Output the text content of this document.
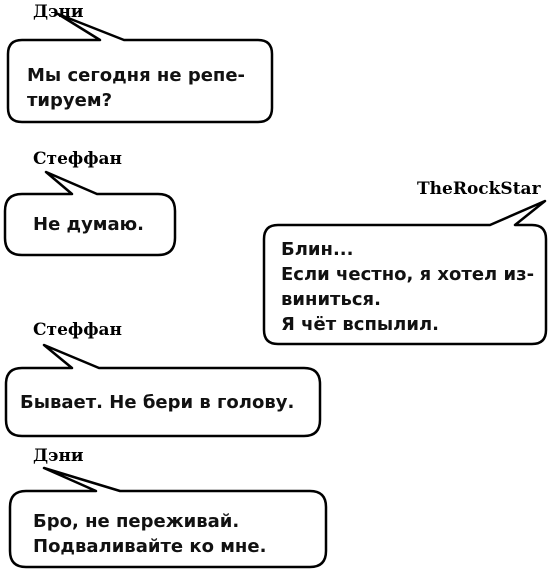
Дэни
Стеффан
TheRockStar
Стеффан
Дэни
Мы сегодня не репе-
тируем?
Не думаю.
Блин...
Если честно, я хотел из-
виниться.
Я чёт вспылил.
Бывает. Не бери в голову.
Бро, не переживай.
Подваливайте ко мне.
